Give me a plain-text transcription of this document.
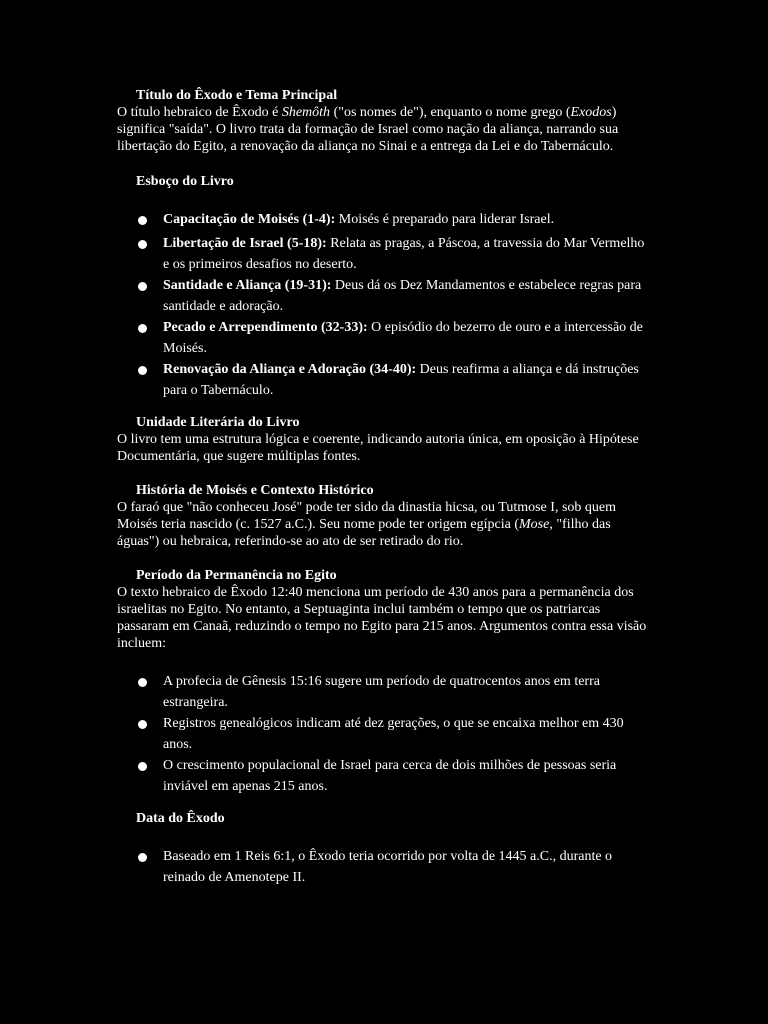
Título do Êxodo e Tema Principal
O título hebraico de Êxodo é Shemôth ("os nomes de"), enquanto o nome grego (Exodos) significa "saída". O livro trata da formação de Israel como nação da aliança, narrando sua libertação do Egito, a renovação da aliança no Sinai e a entrega da Lei e do Tabernáculo.
Esboço do Livro
Capacitação de Moisés (1-4): Moisés é preparado para liderar Israel.
Libertação de Israel (5-18): Relata as pragas, a Páscoa, a travessia do Mar Vermelho e os primeiros desafios no deserto.
Santidade e Aliança (19-31): Deus dá os Dez Mandamentos e estabelece regras para santidade e adoração.
Pecado e Arrependimento (32-33): O episódio do bezerro de ouro e a intercessão de Moisés.
Renovação da Aliança e Adoração (34-40): Deus reafirma a aliança e dá instruções para o Tabernáculo.
Unidade Literária do Livro
O livro tem uma estrutura lógica e coerente, indicando autoria única, em oposição à Hipótese Documentária, que sugere múltiplas fontes.
História de Moisés e Contexto Histórico
O faraó que "não conheceu José" pode ter sido da dinastia hicsa, ou Tutmose I, sob quem Moisés teria nascido (c. 1527 a.C.). Seu nome pode ter origem egípcia (Mose, "filho das águas") ou hebraica, referindo-se ao ato de ser retirado do rio.
Período da Permanência no Egito
O texto hebraico de Êxodo 12:40 menciona um período de 430 anos para a permanência dos israelitas no Egito. No entanto, a Septuaginta inclui também o tempo que os patriarcas passaram em Canaã, reduzindo o tempo no Egito para 215 anos. Argumentos contra essa visão incluem:
A profecia de Gênesis 15:16 sugere um período de quatrocentos anos em terra estrangeira.
Registros genealógicos indicam até dez gerações, o que se encaixa melhor em 430 anos.
O crescimento populacional de Israel para cerca de dois milhões de pessoas seria inviável em apenas 215 anos.
Data do Êxodo
Baseado em 1 Reis 6:1, o Êxodo teria ocorrido por volta de 1445 a.C., durante o reinado de Amenotepe II.
